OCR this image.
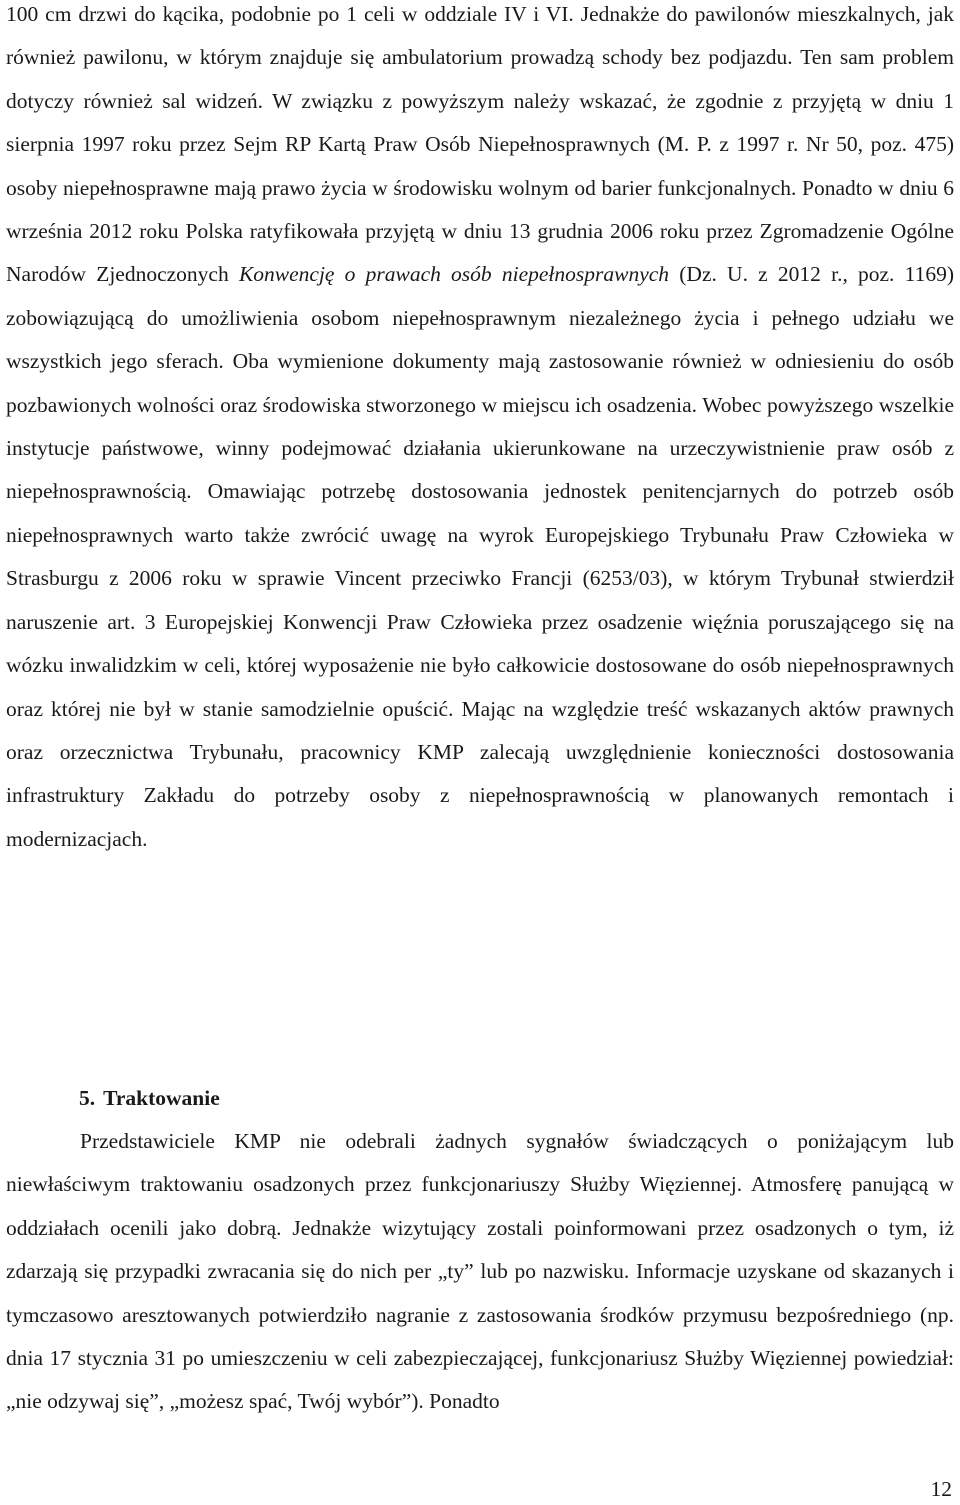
100 cm drzwi do kącika, podobnie po 1 celi w oddziale IV i VI. Jednakże do pawilonów mieszkalnych, jak również pawilonu, w którym znajduje się ambulatorium prowadzą schody bez podjazdu. Ten sam problem dotyczy również sal widzeń. W związku z powyższym należy wskazać, że zgodnie z przyjętą w dniu 1 sierpnia 1997 roku przez Sejm RP Kartą Praw Osób Niepełnosprawnych (M. P. z 1997 r. Nr 50, poz. 475) osoby niepełnosprawne mają prawo życia w środowisku wolnym od barier funkcjonalnych. Ponadto w dniu 6 września 2012 roku Polska ratyfikowała przyjętą w dniu 13 grudnia 2006 roku przez Zgromadzenie Ogólne Narodów Zjednoczonych Konwencję o prawach osób niepełnosprawnych (Dz. U. z 2012 r., poz. 1169) zobowiązującą do umożliwienia osobom niepełnosprawnym niezależnego życia i pełnego udziału we wszystkich jego sferach. Oba wymienione dokumenty mają zastosowanie również w odniesieniu do osób pozbawionych wolności oraz środowiska stworzonego w miejscu ich osadzenia. Wobec powyższego wszelkie instytucje państwowe, winny podejmować działania ukierunkowane na urzeczywistnienie praw osób z niepełnosprawnością. Omawiając potrzebę dostosowania jednostek penitencjarnych do potrzeb osób niepełnosprawnych warto także zwrócić uwagę na wyrok Europejskiego Trybunału Praw Człowieka w Strasburgu z 2006 roku w sprawie Vincent przeciwko Francji (6253/03), w którym Trybunał stwierdził naruszenie art. 3 Europejskiej Konwencji Praw Człowieka przez osadzenie więźnia poruszającego się na wózku inwalidzkim w celi, której wyposażenie nie było całkowicie dostosowane do osób niepełnosprawnych oraz której nie był w stanie samodzielnie opuścić. Mając na względzie treść wskazanych aktów prawnych oraz orzecznictwa Trybunału, pracownicy KMP zalecają uwzględnienie konieczności dostosowania infrastruktury Zakładu do potrzeby osoby z niepełnosprawnością w planowanych remontach i modernizacjach.

5. Traktowanie

Przedstawiciele KMP nie odebrali żadnych sygnałów świadczących o poniżającym lub niewłaściwym traktowaniu osadzonych przez funkcjonariuszy Służby Więziennej. Atmosferę panującą w oddziałach ocenili jako dobrą. Jednakże wizytujący zostali poinformowani przez osadzonych o tym, iż zdarzają się przypadki zwracania się do nich per „ty” lub po nazwisku. Informacje uzyskane od skazanych i tymczasowo aresztowanych potwierdziło nagranie z zastosowania środków przymusu bezpośredniego (np. dnia 17 stycznia 31 po umieszczeniu w celi zabezpieczającej, funkcjonariusz Służby Więziennej powiedział: „nie odzywaj się”, „możesz spać, Twój wybór”). Ponadto

12
